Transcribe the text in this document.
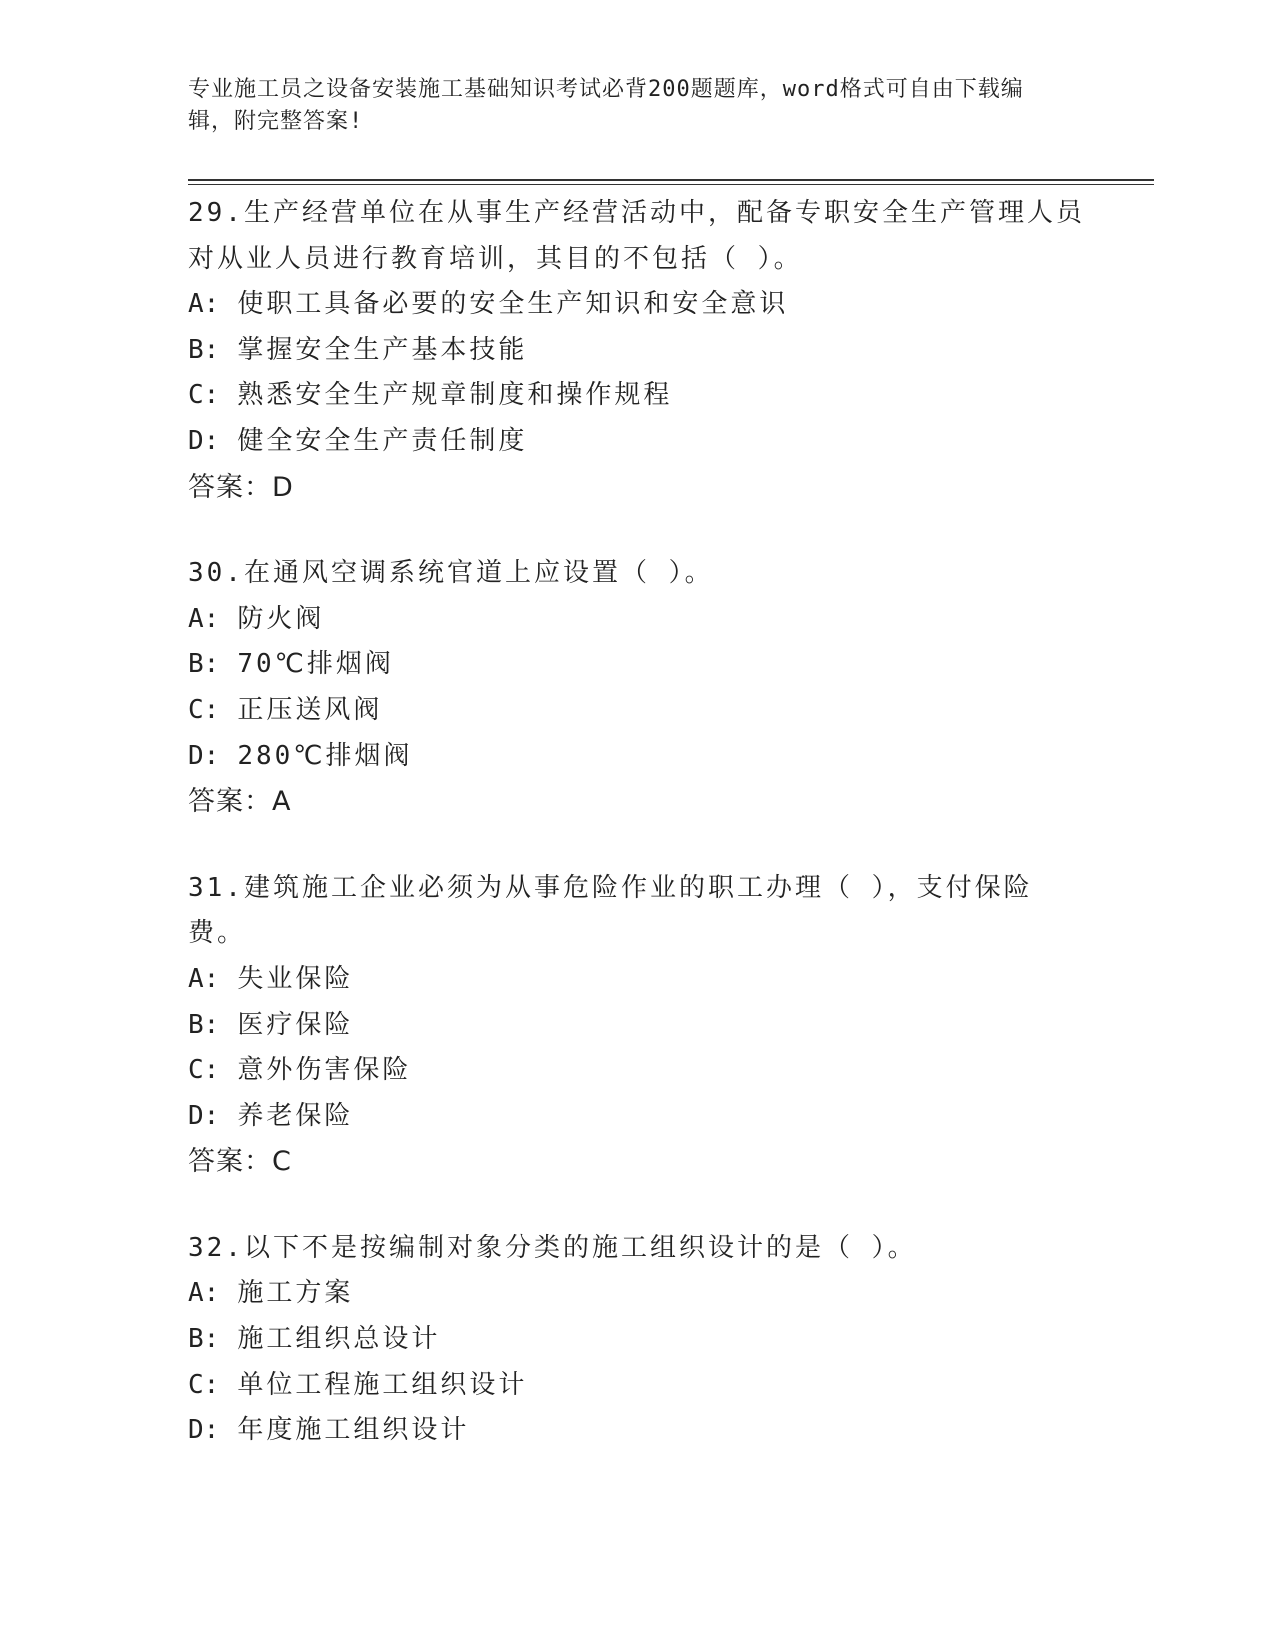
专业施工员之设备安装施工基础知识考试必背200题题库，word格式可自由下载编辑，附完整答案!

29.生产经营单位在从事生产经营活动中，配备专职安全生产管理人员对从业人员进行教育培训，其目的不包括（ ）。

A: 使职工具备必要的安全生产知识和安全意识

B: 掌握安全生产基本技能

C: 熟悉安全生产规章制度和操作规程

D: 健全安全生产责任制度

答案：D

30.在通风空调系统官道上应设置（ ）。

A: 防火阀

B: 70℃排烟阀

C: 正压送风阀

D: 280℃排烟阀

答案：A

31.建筑施工企业必须为从事危险作业的职工办理（ ），支付保险费。

A: 失业保险

B: 医疗保险

C: 意外伤害保险

D: 养老保险

答案：C

32.以下不是按编制对象分类的施工组织设计的是（ ）。

A: 施工方案

B: 施工组织总设计

C: 单位工程施工组织设计

D: 年度施工组织设计
